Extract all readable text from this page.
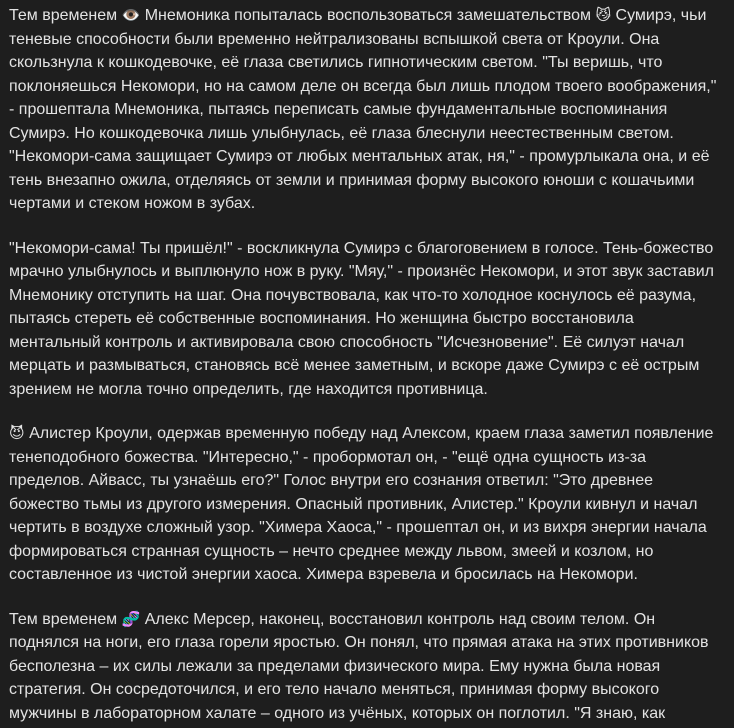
Тем временем 👁️ Мнемоника попыталась воспользоваться замешательством 😼 Сумирэ, чьи теневые способности были временно нейтрализованы вспышкой света от Кроули. Она скользнула к кошкодевочке, её глаза светились гипнотическим светом. "Ты веришь, что поклоняешься Некомори, но на самом деле он всегда был лишь плодом твоего воображения," - прошептала Мнемоника, пытаясь переписать самые фундаментальные воспоминания Сумирэ. Но кошкодевочка лишь улыбнулась, её глаза блеснули неестественным светом. "Некомори-сама защищает Сумирэ от любых ментальных атак, ня," - промурлыкала она, и её тень внезапно ожила, отделяясь от земли и принимая форму высокого юноши с кошачьими чертами и стеком ножом в зубах.

"Некомори-сама! Ты пришёл!" - воскликнула Сумирэ с благоговением в голосе. Тень-божество мрачно улыбнулось и выплюнуло нож в руку. "Мяу," - произнёс Некомори, и этот звук заставил Мнемонику отступить на шаг. Она почувствовала, как что-то холодное коснулось её разума, пытаясь стереть её собственные воспоминания. Но женщина быстро восстановила ментальный контроль и активировала свою способность "Исчезновение". Её силуэт начал мерцать и размываться, становясь всё менее заметным, и вскоре даже Сумирэ с её острым зрением не могла точно определить, где находится противница.

😈 Алистер Кроули, одержав временную победу над Алексом, краем глаза заметил появление тенеподобного божества. "Интересно," - пробормотал он, - "ещё одна сущность из-за пределов. Айвасс, ты узнаёшь его?" Голос внутри его сознания ответил: "Это древнее божество тьмы из другого измерения. Опасный противник, Алистер." Кроули кивнул и начал чертить в воздухе сложный узор. "Химера Хаоса," - прошептал он, и из вихря энергии начала формироваться странная сущность – нечто среднее между львом, змеей и козлом, но составленное из чистой энергии хаоса. Химера взревела и бросилась на Некомори.

Тем временем 🧬 Алекс Мерсер, наконец, восстановил контроль над своим телом. Он поднялся на ноги, его глаза горели яростью. Он понял, что прямая атака на этих противников бесполезна – их силы лежали за пределами физического мира. Ему нужна была новая стратегия. Он сосредоточился, и его тело начало меняться, принимая форму высокого мужчины в лабораторном халате – одного из учёных, которых он поглотил. "Я знаю, как
